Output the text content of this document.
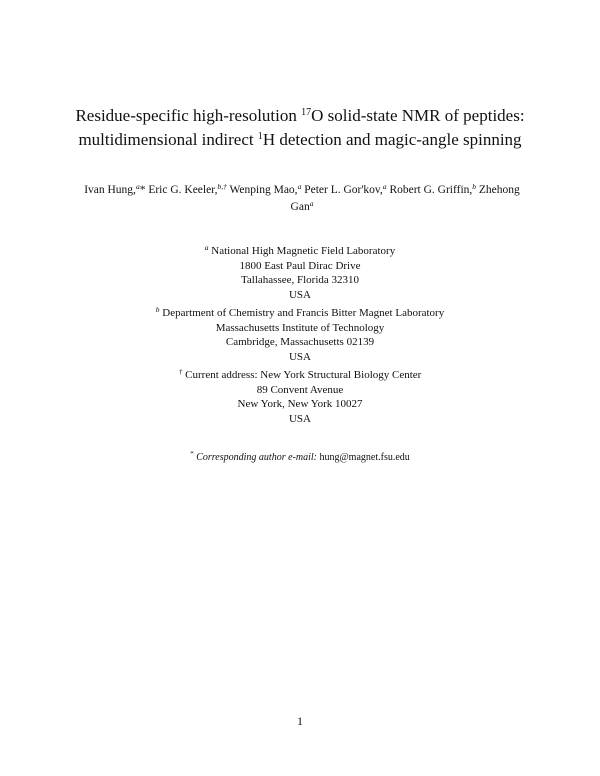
Residue-specific high-resolution $^{17}$O solid-state NMR of peptides:
multidimensional indirect $^1$H detection and magic-angle spinning
Ivan Hung,$^a$* Eric G. Keeler,$^{b,\dagger}$ Wenping Mao,$^a$ Peter L. Gor'kov,$^a$ Robert G. Griffin,$^b$ Zhehong Gan$^a$
$^a$ National High Magnetic Field Laboratory
1800 East Paul Dirac Drive
Tallahassee, Florida 32310
USA
$^b$ Department of Chemistry and Francis Bitter Magnet Laboratory
Massachusetts Institute of Technology
Cambridge, Massachusetts 02139
USA
† Current address: New York Structural Biology Center
89 Convent Avenue
New York, New York 10027
USA
* Corresponding author e-mail: hung@magnet.fsu.edu
1
